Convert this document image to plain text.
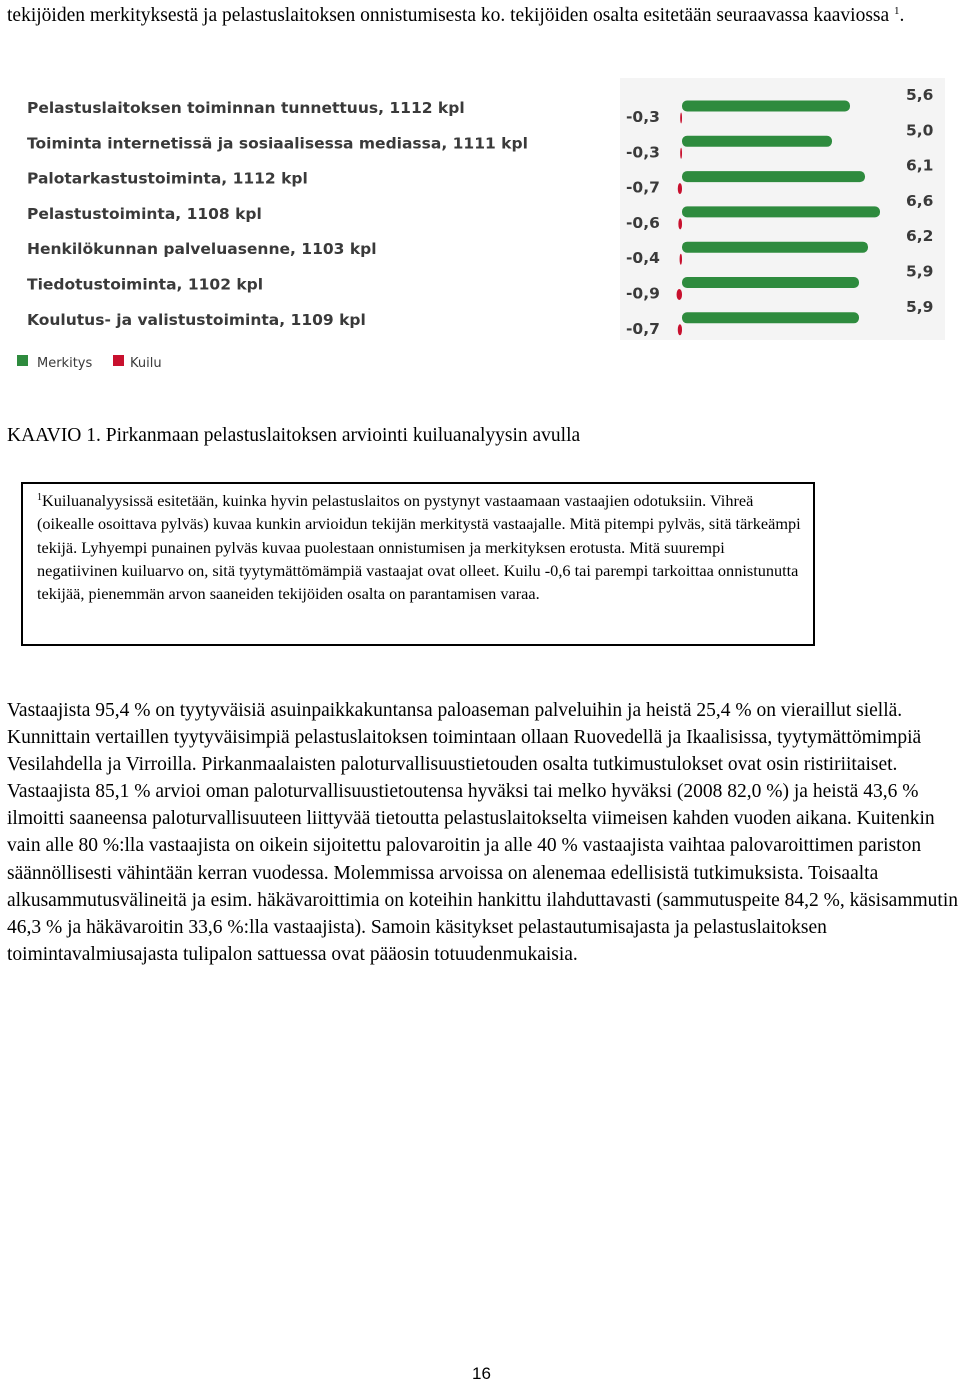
tekijöiden merkityksestä ja pelastuslaitoksen onnistumisesta ko. tekijöiden osalta esitetään seuraavassa kaaviossa $^1$.
Pelastuslaitoksen toiminnan tunnettuus, 1112 kpl
5,6
-0,3
Toiminta internetissä ja sosiaalisessa mediassa, 1111 kpl
5,0
-0,3
Palotarkastustoiminta, 1112 kpl
6,1
-0,7
Pelastustoiminta, 1108 kpl
6,6
-0,6
Henkilökunnan palveluasenne, 1103 kpl
6,2
-0,4
Tiedotustoiminta, 1102 kpl
5,9
-0,9
Koulutus- ja valistustoiminta, 1109 kpl
5,9
-0,7
Merkitys	Kuilu
KAAVIO 1. Pirkanmaan pelastuslaitoksen arviointi kuiluanalyysin avulla
$^1$Kuiluanalyysissä esitetään, kuinka hyvin pelastuslaitos on pystynyt vastaamaan vastaajien odotuksiin. Vihreä (oikealle osoittava pylväs) kuvaa kunkin arvioidun tekijän merkitystä vastaajalle. Mitä pitempi pylväs, sitä tärkeämpi tekijä. Lyhyempi punainen pylväs kuvaa puolestaan onnistumisen ja merkityksen erotusta. Mitä suurempi negatiivinen kuiluarvo on, sitä tyytymättömämpiä vastaajat ovat olleet. Kuilu -0,6 tai parempi tarkoittaa onnistunutta tekijää, pienemmän arvon saaneiden tekijöiden osalta on parantamisen varaa.
Vastaajista 95,4 % on tyytyväisiä asuinpaikkakuntansa paloaseman palveluihin ja heistä 25,4 % on vieraillut siellä. Kunnittain vertaillen tyytyväisimpiä pelastuslaitoksen toimintaan ollaan Ruovedellä ja Ikaalisissa, tyytymättömimpiä Vesilahdella ja Virroilla. Pirkanmaalaisten paloturvallisuustietouden osalta tutkimustulokset ovat osin ristiriitaiset. Vastaajista 85,1 % arvioi oman paloturvallisuustietoutensa hyväksi tai melko hyväksi (2008 82,0 %) ja heistä 43,6 % ilmoitti saaneensa paloturvallisuuteen liittyvää tietoutta pelastuslaitokselta viimeisen kahden vuoden aikana. Kuitenkin vain alle 80 %:lla vastaajista on oikein sijoitettu palovaroitin ja alle 40 % vastaajista vaihtaa palovaroittimen pariston säännöllisesti vähintään kerran vuodessa. Molemmissa arvoissa on alenemaa edellisistä tutkimuksista. Toisaalta alkusammutusvälineitä ja esim. häkävaroittimia on koteihin hankittu ilahduttavasti (sammutuspeite 84,2 %, käsisammutin 46,3 % ja häkävaroitin 33,6 %:lla vastaajista). Samoin käsitykset pelastautumisajasta ja pelastuslaitoksen toimintavalmiusajasta tulipalon sattuessa ovat pääosin totuudenmukaisia.
16
